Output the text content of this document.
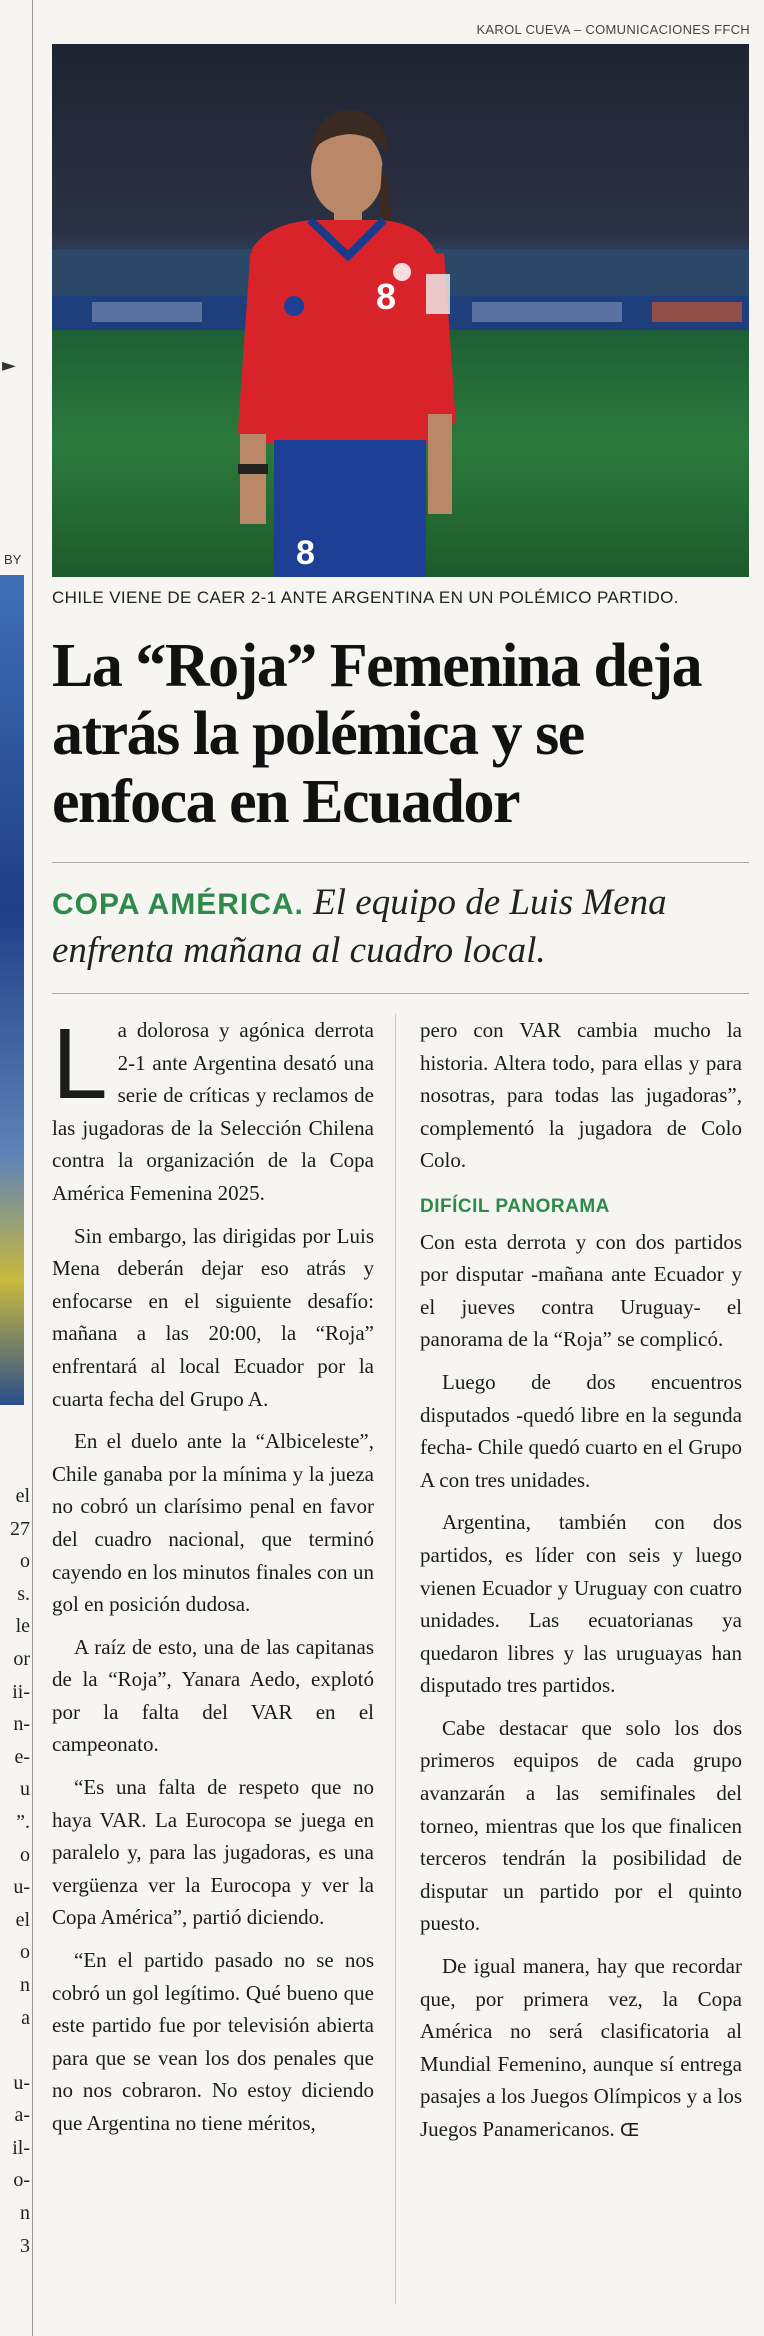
►
BY
el
27
o
s.
le
or
ii-
n-
e-
u
”.
o
u-
el
o
n
a
u-
a-
il-
o-
n
3
KAROL CUEVA – COMUNICACIONES FFCH
8
8
CHILE VIENE DE CAER 2-1 ANTE ARGENTINA EN UN POLÉMICO PARTIDO.
La “Roja” Femenina deja atrás la polémica y se enfoca en Ecuador
COPA AMÉRICA. El equipo de Luis Mena enfrenta mañana al cuadro local.

La dolorosa y agónica derrota 2-1 ante Argentina desató una serie de críticas y reclamos de las jugadoras de la Selección Chilena contra la organización de la Copa América Femenina 2025.

Sin embargo, las dirigidas por Luis Mena deberán dejar eso atrás y enfocarse en el siguiente desafío: mañana a las 20:00, la “Roja” enfrentará al local Ecuador por la cuarta fecha del Grupo A.

En el duelo ante la “Albiceleste”, Chile ganaba por la mínima y la jueza no cobró un clarísimo penal en favor del cuadro nacional, que terminó cayendo en los minutos finales con un gol en posición dudosa.

A raíz de esto, una de las capitanas de la “Roja”, Yanara Aedo, explotó por la falta del VAR en el campeonato.

“Es una falta de respeto que no haya VAR. La Eurocopa se juega en paralelo y, para las jugadoras, es una vergüenza ver la Eurocopa y ver la Copa América”, partió diciendo.

“En el partido pasado no se nos cobró un gol legítimo. Qué bueno que este partido fue por televisión abierta para que se vean los dos penales que no nos cobraron. No estoy diciendo que Argentina no tiene méritos,

pero con VAR cambia mucho la historia. Altera todo, para ellas y para nosotras, para todas las jugadoras”, complementó la jugadora de Colo Colo.

DIFÍCIL PANORAMA

Con esta derrota y con dos partidos por disputar -mañana ante Ecuador y el jueves contra Uruguay- el panorama de la “Roja” se complicó.

Luego de dos encuentros disputados -quedó libre en la segunda fecha- Chile quedó cuarto en el Grupo A con tres unidades.

Argentina, también con dos partidos, es líder con seis y luego vienen Ecuador y Uruguay con cuatro unidades. Las ecuatorianas ya quedaron libres y las uruguayas han disputado tres partidos.

Cabe destacar que solo los dos primeros equipos de cada grupo avanzarán a las semifinales del torneo, mientras que los que finalicen terceros tendrán la posibilidad de disputar un partido por el quinto puesto.

De igual manera, hay que recordar que, por primera vez, la Copa América no será clasificatoria al Mundial Femenino, aunque sí entrega pasajes a los Juegos Olímpicos y a los Juegos Panamericanos. Œ
